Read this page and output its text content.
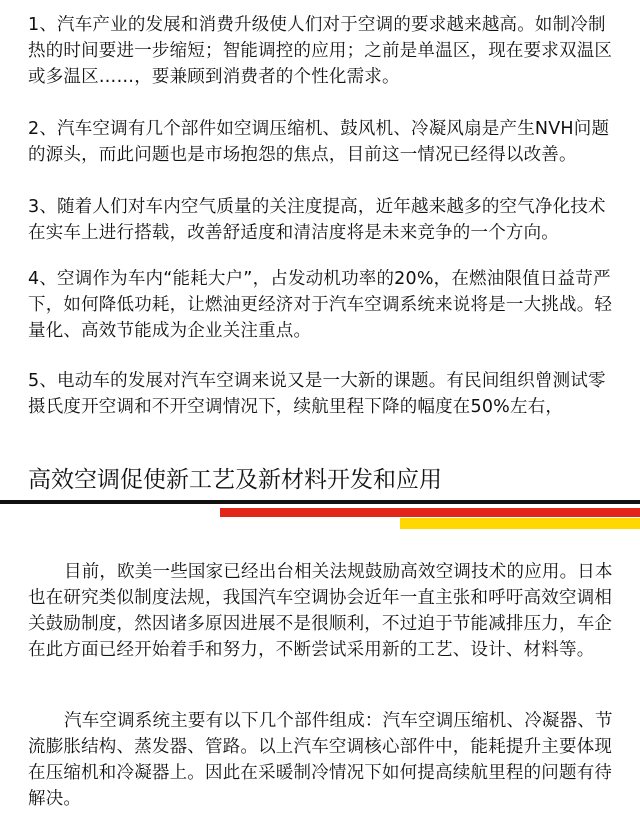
1、汽车产业的发展和消费升级使人们对于空调的要求越来越高。如制冷制热的时间要进一步缩短；智能调控的应用；之前是单温区，现在要求双温区或多温区……，要兼顾到消费者的个性化需求。

2、汽车空调有几个部件如空调压缩机、鼓风机、冷凝风扇是产生NVH问题的源头，而此问题也是市场抱怨的焦点，目前这一情况已经得以改善。

3、随着人们对车内空气质量的关注度提高，近年越来越多的空气净化技术在实车上进行搭载，改善舒适度和清洁度将是未来竞争的一个方向。

4、空调作为车内“能耗大户”，占发动机功率的20%，在燃油限值日益苛严下，如何降低功耗，让燃油更经济对于汽车空调系统来说将是一大挑战。轻量化、高效节能成为企业关注重点。

5、电动车的发展对汽车空调来说又是一大新的课题。有民间组织曾测试零摄氏度开空调和不开空调情况下，续航里程下降的幅度在50%左右，

高效空调促使新工艺及新材料开发和应用

目前，欧美一些国家已经出台相关法规鼓励高效空调技术的应用。日本也在研究类似制度法规，我国汽车空调协会近年一直主张和呼吁高效空调相关鼓励制度，然因诸多原因进展不是很顺利，不过迫于节能减排压力，车企在此方面已经开始着手和努力，不断尝试采用新的工艺、设计、材料等。

汽车空调系统主要有以下几个部件组成：汽车空调压缩机、冷凝器、节流膨胀结构、蒸发器、管路。以上汽车空调核心部件中，能耗提升主要体现在压缩机和冷凝器上。因此在采暖制冷情况下如何提高续航里程的问题有待解决。
